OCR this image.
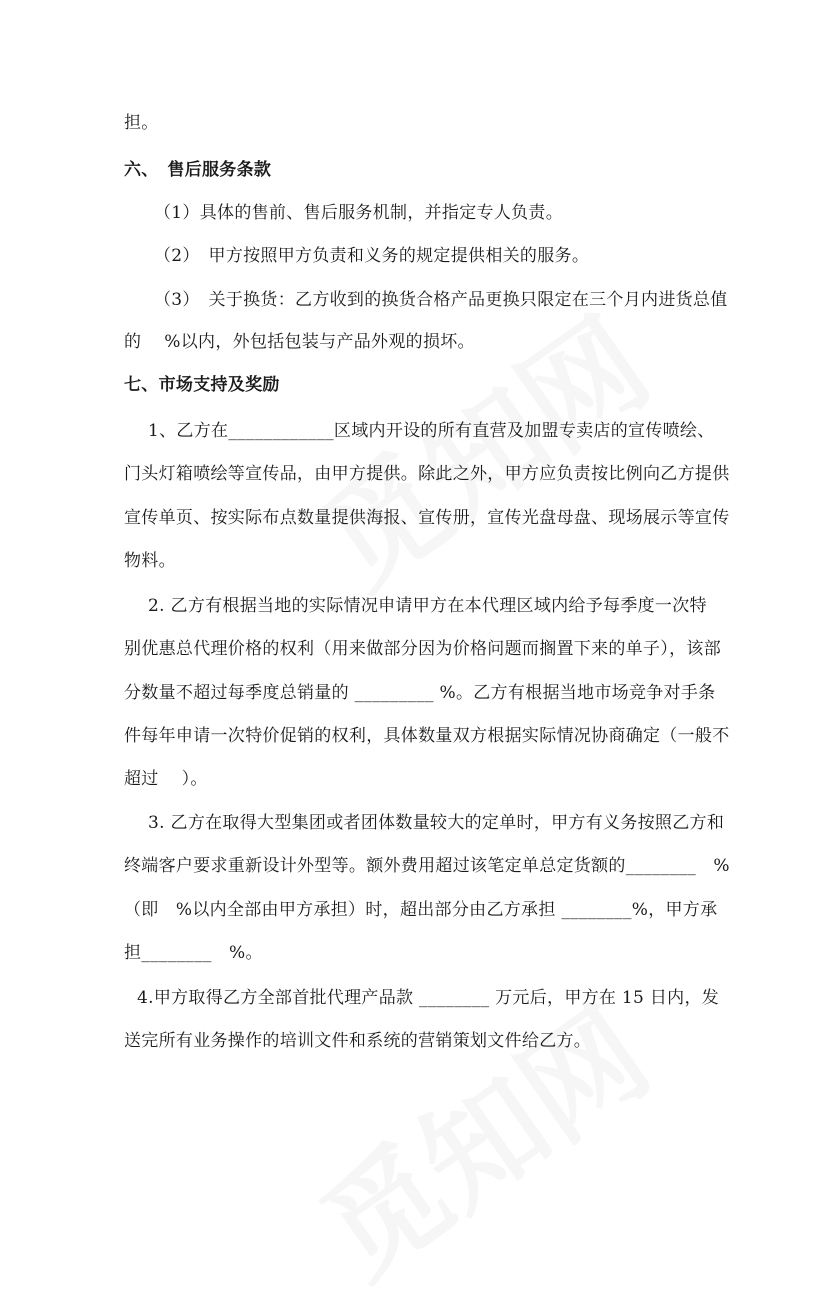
担。
六、　售后服务条款
（1）具体的售前、售后服务机制，并指定专人负责。
（2）　甲方按照甲方负责和义务的规定提供相关的服务。
（3）　关于换货：乙方收到的换货合格产品更换只限定在三个月内进货总值
的　 %以内，外包括包装与产品外观的损坏。
七、市场支持及奖励
1、乙方在____________区域内开设的所有直营及加盟专卖店的宣传喷绘、
门头灯箱喷绘等宣传品，由甲方提供。除此之外，甲方应负责按比例向乙方提供
宣传单页、按实际布点数量提供海报、宣传册，宣传光盘母盘、现场展示等宣传
物料。
2. 乙方有根据当地的实际情况申请甲方在本代理区域内给予每季度一次特
别优惠总代理价格的权利（用来做部分因为价格问题而搁置下来的单子），该部
分数量不超过每季度总销量的 _________ %。乙方有根据当地市场竞争对手条
件每年申请一次特价促销的权利，具体数量双方根据实际情况协商确定（一般不
超过　 ）。
3. 乙方在取得大型集团或者团体数量较大的定单时，甲方有义务按照乙方和
终端客户要求重新设计外型等。额外费用超过该笔定单总定货额的________　%
（即　%以内全部由甲方承担）时，超出部分由乙方承担 ________%，甲方承
担________　%。
4.甲方取得乙方全部首批代理产品款 ________ 万元后，甲方在 15 日内，发
送完所有业务操作的培训文件和系统的营销策划文件给乙方。
